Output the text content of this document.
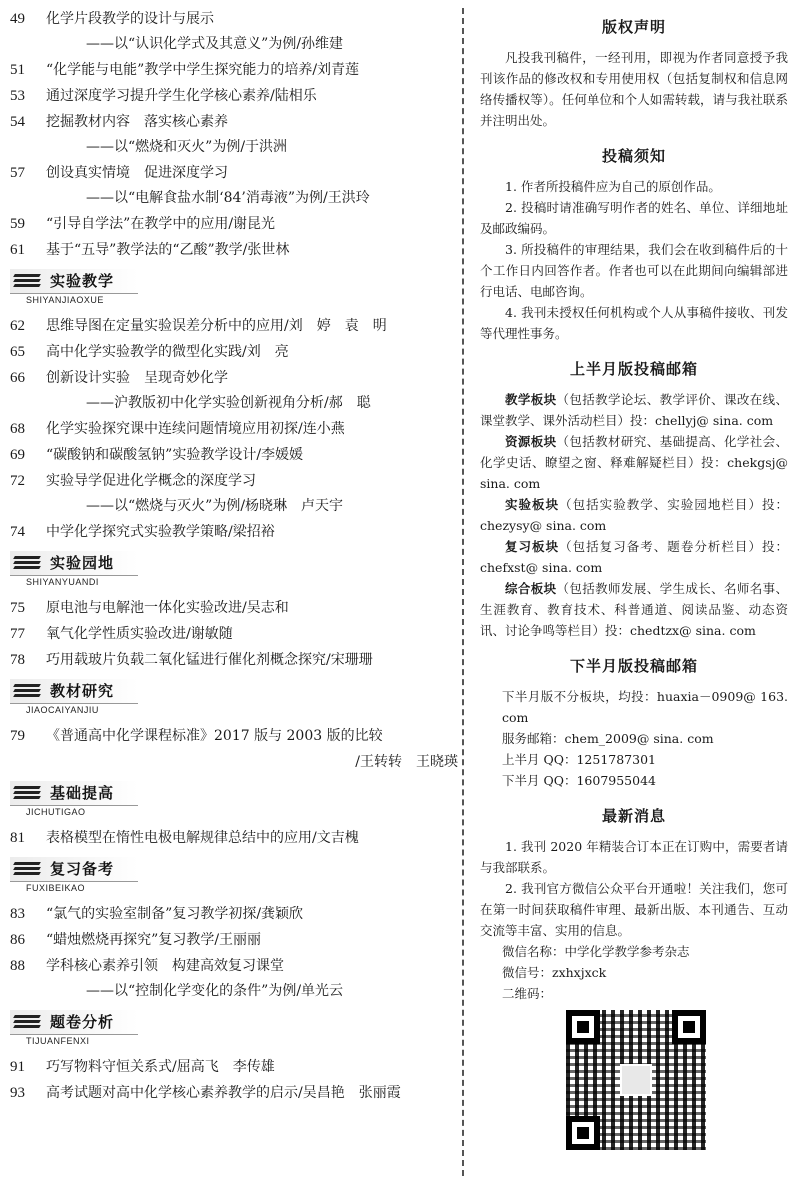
49	化学片段教学的设计与展示
——以“认识化学式及其意义”为例/孙维建
51	“化学能与电能”教学中学生探究能力的培养/刘青莲
53	通过深度学习提升学生化学核心素养/陆相乐
54	挖掘教材内容　落实核心素养
——以“燃烧和灭火”为例/于洪洲
57	创设真实情境　促进深度学习
——以“电解食盐水制‘84’消毒液”为例/王洪玲
59	“引导自学法”在教学中的应用/谢昆光
61	基于“五导”教学法的“乙酸”教学/张世林
实验教学
SHIYANJIAOXUE
62	思维导图在定量实验误差分析中的应用/刘　婷　袁　明
65	高中化学实验教学的微型化实践/刘　亮
66	创新设计实验　呈现奇妙化学
——沪教版初中化学实验创新视角分析/郝　聪
68	化学实验探究课中连续问题情境应用初探/连小燕
69	“碳酸钠和碳酸氢钠”实验教学设计/李媛媛
72	实验导学促进化学概念的深度学习
——以“燃烧与灭火”为例/杨晓琳　卢天宇
74	中学化学探究式实验教学策略/梁招裕
实验园地
SHIYANYUANDI
75	原电池与电解池一体化实验改进/吴志和
77	氧气化学性质实验改进/谢敏随
78	巧用载玻片负载二氧化锰进行催化剂概念探究/宋珊珊
教材研究
JIAOCAIYANJIU
79	《普通高中化学课程标准》2017 版与 2003 版的比较
/王转转　王晓瑛
基础提高
JICHUTIGAO
81	表格模型在惰性电极电解规律总结中的应用/文吉槐
复习备考
FUXIBEIKAO
83	“氯气的实验室制备”复习教学初探/龚颖欣
86	“蜡烛燃烧再探究”复习教学/王丽丽
88	学科核心素养引领　构建高效复习课堂
——以“控制化学变化的条件”为例/单光云
题卷分析
TIJUANFENXI
91	巧写物料守恒关系式/屈高飞　李传雄
93	高考试题对高中化学核心素养教学的启示/吴昌艳　张丽霞
版权声明
凡投我刊稿件，一经刊用，即视为作者同意授予我刊该作品的修改权和专用使用权（包括复制权和信息网络传播权等）。任何单位和个人如需转载，请与我社联系并注明出处。
投稿须知
1. 作者所投稿件应为自己的原创作品。
2. 投稿时请准确写明作者的姓名、单位、详细地址及邮政编码。
3. 所投稿件的审理结果，我们会在收到稿件后的十个工作日内回答作者。作者也可以在此期间向编辑部进行电话、电邮咨询。
4. 我刊未授权任何机构或个人从事稿件接收、刊发等代理性事务。
上半月版投稿邮箱
教学板块（包括教学论坛、教学评价、课改在线、课堂教学、课外活动栏目）投：chellyj@ sina. com
资源板块（包括教材研究、基础提高、化学社会、化学史话、瞭望之窗、释难解疑栏目）投：chekgsj@ sina. com
实验板块（包括实验教学、实验园地栏目）投：chezysy@ sina. com
复习板块（包括复习备考、题卷分析栏目）投：chefxst@ sina. com
综合板块（包括教师发展、学生成长、名师名事、生涯教育、教育技术、科普通道、阅读品鉴、动态资讯、讨论争鸣等栏目）投：chedtzx@ sina. com
下半月版投稿邮箱
下半月版不分板块，均投：huaxia－0909@ 163. com
服务邮箱：chem_2009@ sina. com
上半月 QQ：1251787301
下半月 QQ：1607955044
最新消息
1. 我刊 2020 年精装合订本正在订购中，需要者请与我部联系。
2. 我刊官方微信公众平台开通啦！关注我们，您可在第一时间获取稿件审理、最新出版、本刊通告、互动交流等丰富、实用的信息。
微信名称：中学化学教学参考杂志
微信号：zxhxjxck
二维码：
